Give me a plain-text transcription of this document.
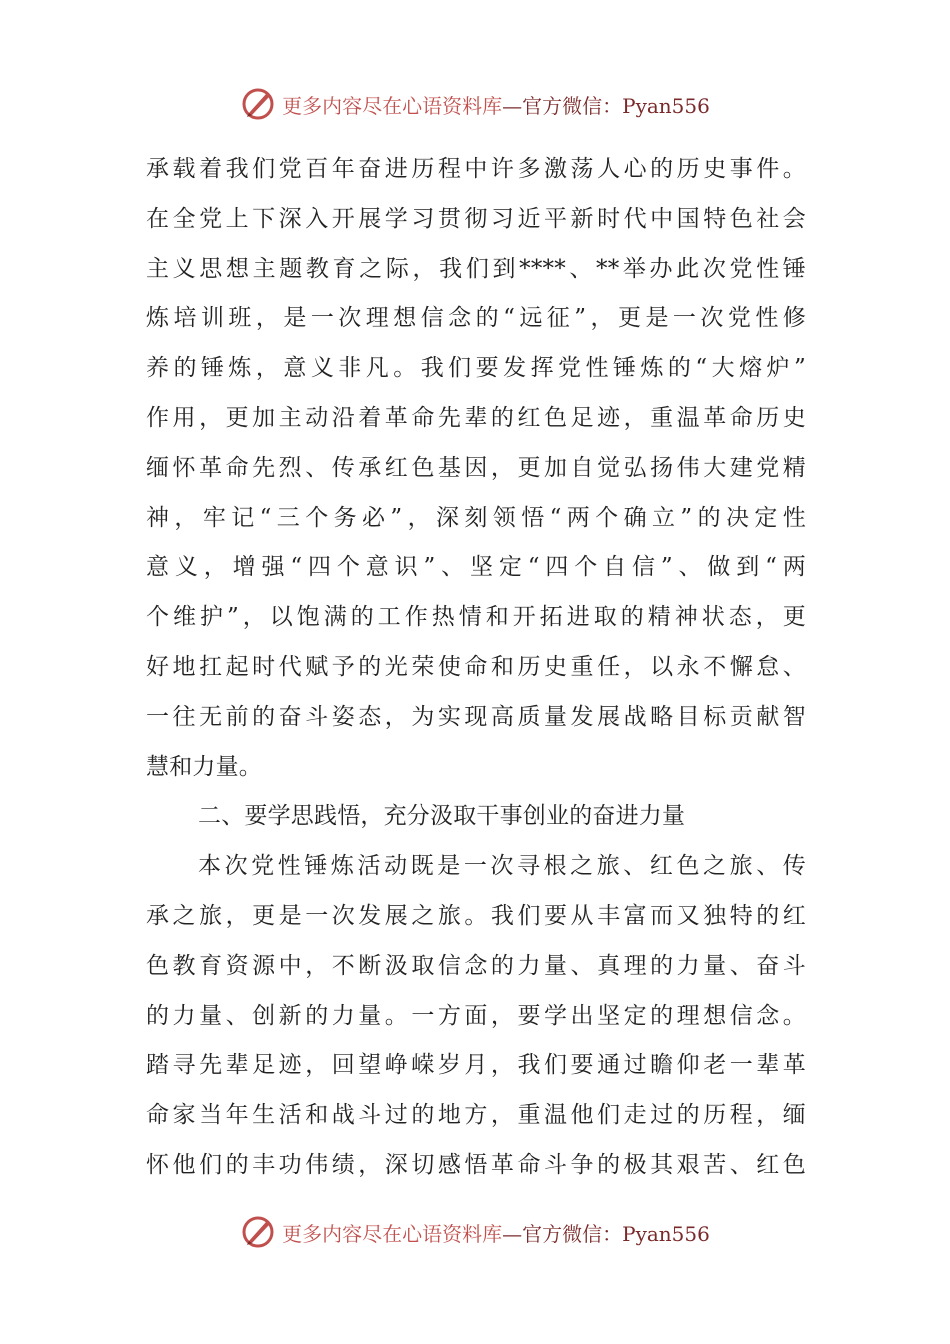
更多内容尽在心语资料库—官方微信：Pyan556
承载着我们党百年奋进历程中许多激荡人心的历史事件。
在全党上下深入开展学习贯彻习近平新时代中国特色社会
主义思想主题教育之际，我们到****、**举办此次党性锤
炼培训班，是一次理想信念的“远征”，更是一次党性修
养的锤炼，意义非凡。我们要发挥党性锤炼的“大熔炉”
作用，更加主动沿着革命先辈的红色足迹，重温革命历史
缅怀革命先烈、传承红色基因，更加自觉弘扬伟大建党精
神，牢记“三个务必”，深刻领悟“两个确立”的决定性
意义，增强“四个意识”、坚定“四个自信”、做到“两
个维护”，以饱满的工作热情和开拓进取的精神状态，更
好地扛起时代赋予的光荣使命和历史重任，以永不懈怠、
一往无前的奋斗姿态，为实现高质量发展战略目标贡献智
慧和力量。
二、要学思践悟，充分汲取干事创业的奋进力量
本次党性锤炼活动既是一次寻根之旅、红色之旅、传
承之旅，更是一次发展之旅。我们要从丰富而又独特的红
色教育资源中，不断汲取信念的力量、真理的力量、奋斗
的力量、创新的力量。一方面，要学出坚定的理想信念。
踏寻先辈足迹，回望峥嵘岁月，我们要通过瞻仰老一辈革
命家当年生活和战斗过的地方，重温他们走过的历程，缅
怀他们的丰功伟绩，深切感悟革命斗争的极其艰苦、红色
更多内容尽在心语资料库—官方微信：Pyan556
